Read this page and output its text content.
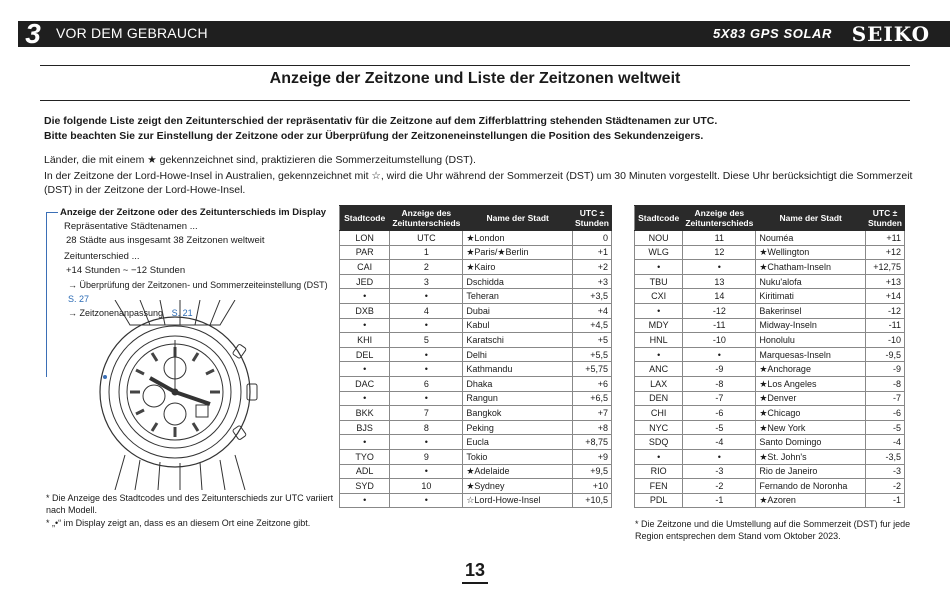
3	VOR DEM GEBRAUCH	5X83 GPS SOLAR SEIKO
Anzeige der Zeitzone und Liste der Zeitzonen weltweit
Die folgende Liste zeigt den Zeitunterschied der repräsentativ für die Zeitzone auf dem Zifferblattring stehenden Städtenamen zur UTC.
Bitte beachten Sie zur Einstellung der Zeitzone oder zur Überprüfung der Zeitzoneneinstellungen die Position des Sekundenzeigers.
Länder, die mit einem ★ gekennzeichnet sind, praktizieren die Sommerzeitumstellung (DST).
In der Zeitzone der Lord-Howe-Insel in Australien, gekennzeichnet mit ☆, wird die Uhr während der Sommerzeit (DST) um 30 Minuten vorgestellt. Diese Uhr berücksichtigt die Sommerzeit (DST) in der Zeitzone der Lord-Howe-Insel.
Anzeige der Zeitzone oder des Zeitunterschieds im Display
Repräsentative Städtenamen ...
28 Städte aus insgesamt 38 Zeitzonen weltweit
Zeitunterschied ...
+14 Stunden ~ −12 Stunden
→ Überprüfung der Zeitzonen- und Sommerzeiteinstellung (DST) S. 27
→ Zeitzonenanpassung S. 21
* Die Anzeige des Stadtcodes und des Zeitunterschieds zur UTC variiert nach Modell.
* „•“ im Display zeigt an, dass es an diesem Ort eine Zeitzone gibt.
Stadtcode	Anzeige des Zeitunterschieds	Name der Stadt	UTC ± Stunden
LON	UTC	★London	0
PAR	1	★Paris/★Berlin	+1
CAI	2	★Kairo	+2
JED	3	Dschidda	+3
•	•	Teheran	+3,5
DXB	4	Dubai	+4
•	•	Kabul	+4,5
KHI	5	Karatschi	+5
DEL	•	Delhi	+5,5
•	•	Kathmandu	+5,75
DAC	6	Dhaka	+6
•	•	Rangun	+6,5
BKK	7	Bangkok	+7
BJS	8	Peking	+8
•	•	Eucla	+8,75
TYO	9	Tokio	+9
ADL	•	★Adelaide	+9,5
SYD	10	★Sydney	+10
•	•	☆Lord-Howe-Insel	+10,5
Stadtcode	Anzeige des Zeitunterschieds	Name der Stadt	UTC ± Stunden
NOU	11	Nouméa	+11
WLG	12	★Wellington	+12
•	•	★Chatham-Inseln	+12,75
TBU	13	Nuku'alofa	+13
CXI	14	Kiritimati	+14
•	-12	Bakerinsel	-12
MDY	-11	Midway-Inseln	-11
HNL	-10	Honolulu	-10
•	•	Marquesas-Inseln	-9,5
ANC	-9	★Anchorage	-9
LAX	-8	★Los Angeles	-8
DEN	-7	★Denver	-7
CHI	-6	★Chicago	-6
NYC	-5	★New York	-5
SDQ	-4	Santo Domingo	-4
•	•	★St. John's	-3,5
RIO	-3	Rio de Janeiro	-3
FEN	-2	Fernando de Noronha	-2
PDL	-1	★Azoren	-1
* Die Zeitzone und die Umstellung auf die Sommerzeit (DST) fur jede Region entsprechen dem Stand vom Oktober 2023.
13
